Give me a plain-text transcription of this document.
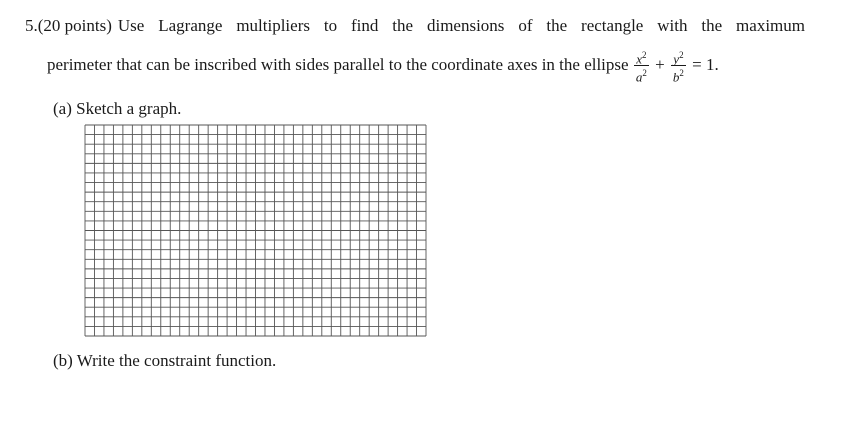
5. (20 points) Use Lagrange multipliers to find the dimensions of the rectangle with the maximum
perimeter that can be inscribed with sides parallel to the coordinate axes in the ellipse $\frac{x^2}{a^2} + \frac{y^2}{b^2} = 1$.
(a) Sketch a graph.
(b) Write the constraint function.
